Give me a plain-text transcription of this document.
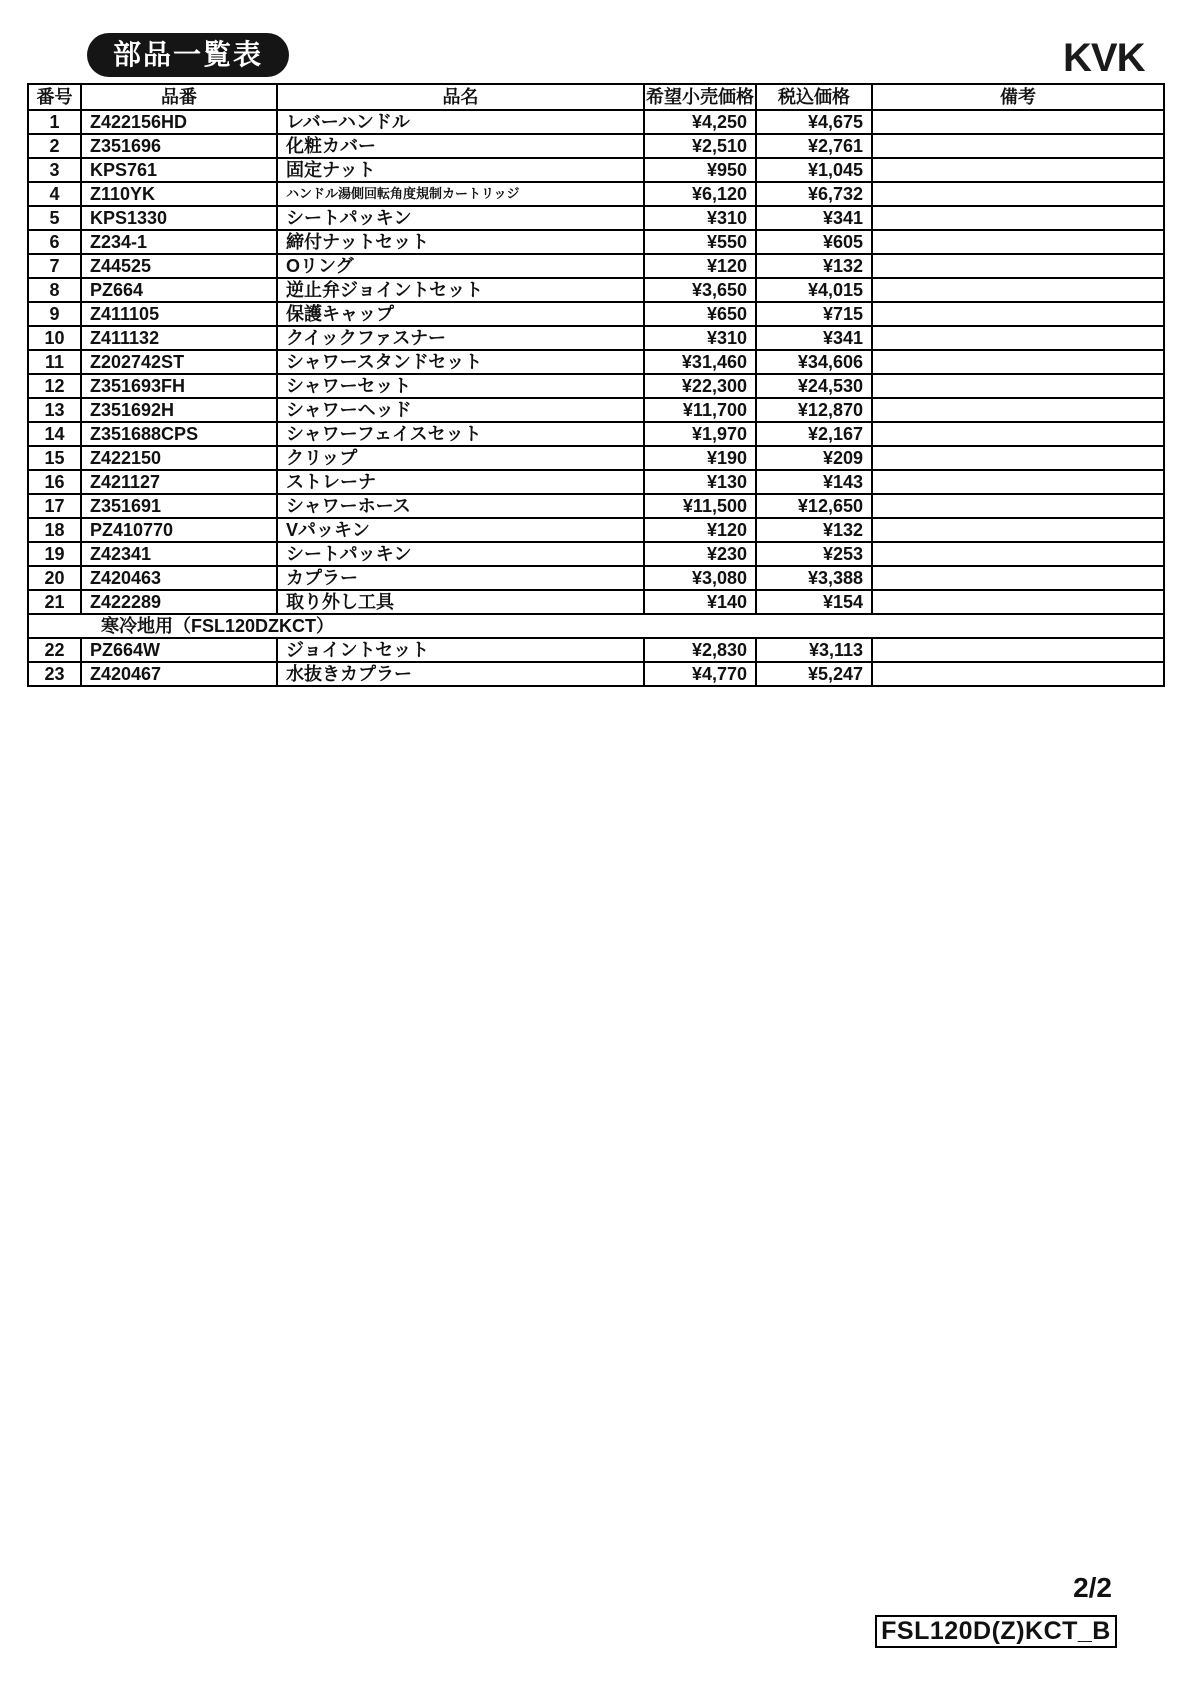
部品一覧表	KVK
番号	品番	品名	希望小売価格	税込価格	備考
1	Z422156HD	レバーハンドル	¥4,250	¥4,675	
2	Z351696	化粧カバー	¥2,510	¥2,761	
3	KPS761	固定ナット	¥950	¥1,045	
4	Z110YK	ハンドル湯側回転角度規制カートリッジ	¥6,120	¥6,732	
5	KPS1330	シートパッキン	¥310	¥341	
6	Z234-1	締付ナットセット	¥550	¥605	
7	Z44525	Oリング	¥120	¥132	
8	PZ664	逆止弁ジョイントセット	¥3,650	¥4,015	
9	Z411105	保護キャップ	¥650	¥715	
10	Z411132	クイックファスナー	¥310	¥341	
11	Z202742ST	シャワースタンドセット	¥31,460	¥34,606	
12	Z351693FH	シャワーセット	¥22,300	¥24,530	
13	Z351692H	シャワーヘッド	¥11,700	¥12,870	
14	Z351688CPS	シャワーフェイスセット	¥1,970	¥2,167	
15	Z422150	クリップ	¥190	¥209	
16	Z421127	ストレーナ	¥130	¥143	
17	Z351691	シャワーホース	¥11,500	¥12,650	
18	PZ410770	Vパッキン	¥120	¥132	
19	Z42341	シートパッキン	¥230	¥253	
20	Z420463	カプラー	¥3,080	¥3,388	
21	Z422289	取り外し工具	¥140	¥154	
寒冷地用（FSL120DZKCT）					
22	PZ664W	ジョイントセット	¥2,830	¥3,113	
23	Z420467	水抜きカプラー	¥4,770	¥5,247	
2/2
FSL120D(Z)KCT_B
